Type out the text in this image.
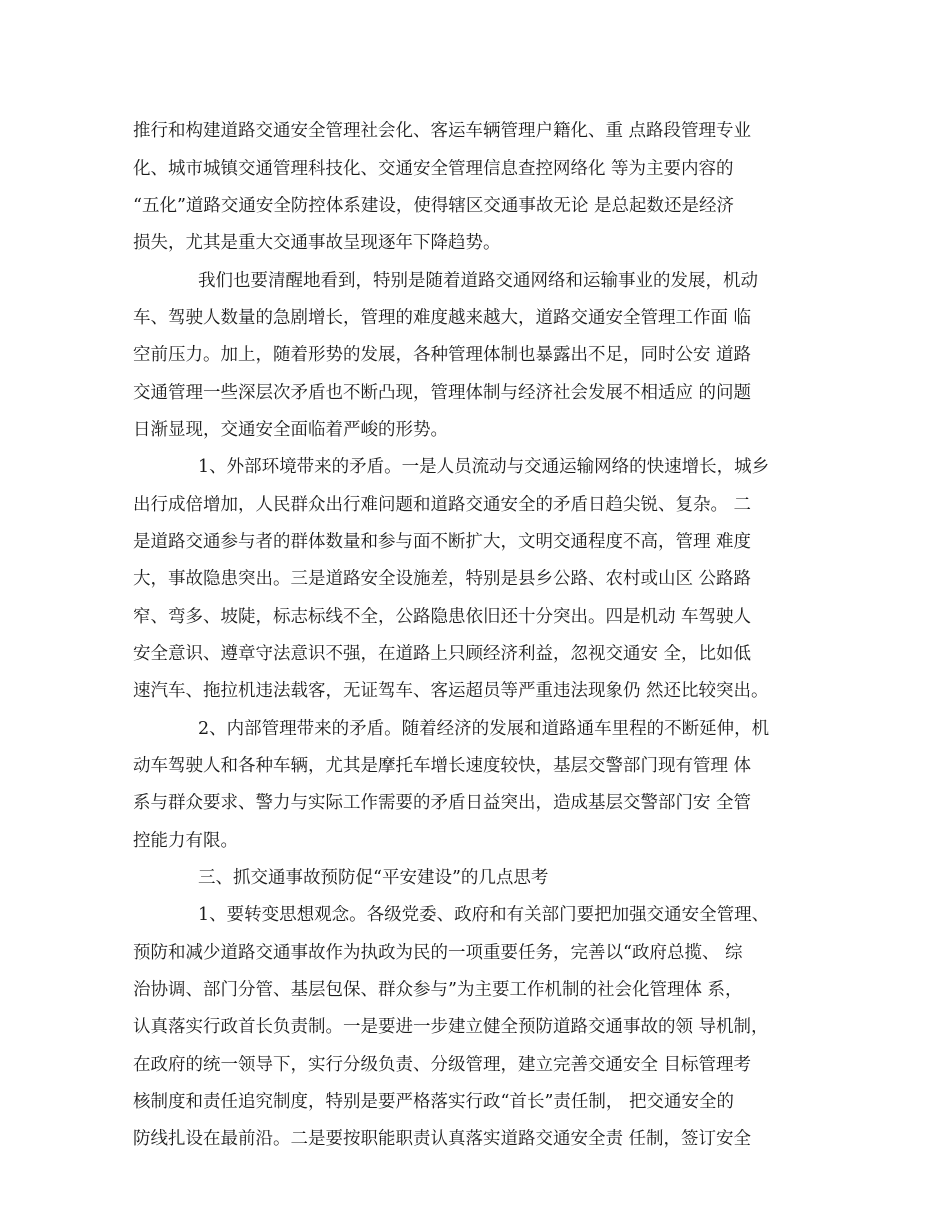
推行和构建道路交通安全管理社会化、客运车辆管理户籍化、重 点路段管理专业
化、城市城镇交通管理科技化、交通安全管理信息查控网络化 等为主要内容的
“五化”道路交通安全防控体系建设，使得辖区交通事故无论 是总起数还是经济
损失，尤其是重大交通事故呈现逐年下降趋势。
我们也要清醒地看到，特别是随着道路交通网络和运输事业的发展，机动
车、驾驶人数量的急剧增长，管理的难度越来越大，道路交通安全管理工作面 临
空前压力。加上，随着形势的发展，各种管理体制也暴露出不足，同时公安 道路
交通管理一些深层次矛盾也不断凸现，管理体制与经济社会发展不相适应 的问题
日渐显现，交通安全面临着严峻的形势。
1、外部环境带来的矛盾。一是人员流动与交通运输网络的快速增长，城乡
出行成倍增加，人民群众出行难问题和道路交通安全的矛盾日趋尖锐、复杂。 二
是道路交通参与者的群体数量和参与面不断扩大，文明交通程度不高，管理 难度
大，事故隐患突出。三是道路安全设施差，特别是县乡公路、农村或山区 公路路
窄、弯多、坡陡，标志标线不全，公路隐患依旧还十分突出。四是机动 车驾驶人
安全意识、遵章守法意识不强，在道路上只顾经济利益，忽视交通安 全，比如低
速汽车、拖拉机违法载客，无证驾车、客运超员等严重违法现象仍 然还比较突出。
2、内部管理带来的矛盾。随着经济的发展和道路通车里程的不断延伸，机
动车驾驶人和各种车辆，尤其是摩托车增长速度较快，基层交警部门现有管理 体
系与群众要求、警力与实际工作需要的矛盾日益突出，造成基层交警部门安 全管
控能力有限。
三、抓交通事故预防促“平安建设”的几点思考
1、要转变思想观念。各级党委、政府和有关部门要把加强交通安全管理、
预防和减少道路交通事故作为执政为民的一项重要任务，完善以“政府总揽、 综
治协调、部门分管、基层包保、群众参与”为主要工作机制的社会化管理体 系，
认真落实行政首长负责制。一是要进一步建立健全预防道路交通事故的领 导机制，
在政府的统一领导下，实行分级负责、分级管理，建立完善交通安全 目标管理考
核制度和责任追究制度，特别是要严格落实行政“首长”责任制， 把交通安全的
防线扎设在最前沿。二是要按职能职责认真落实道路交通安全责 任制，签订安全
